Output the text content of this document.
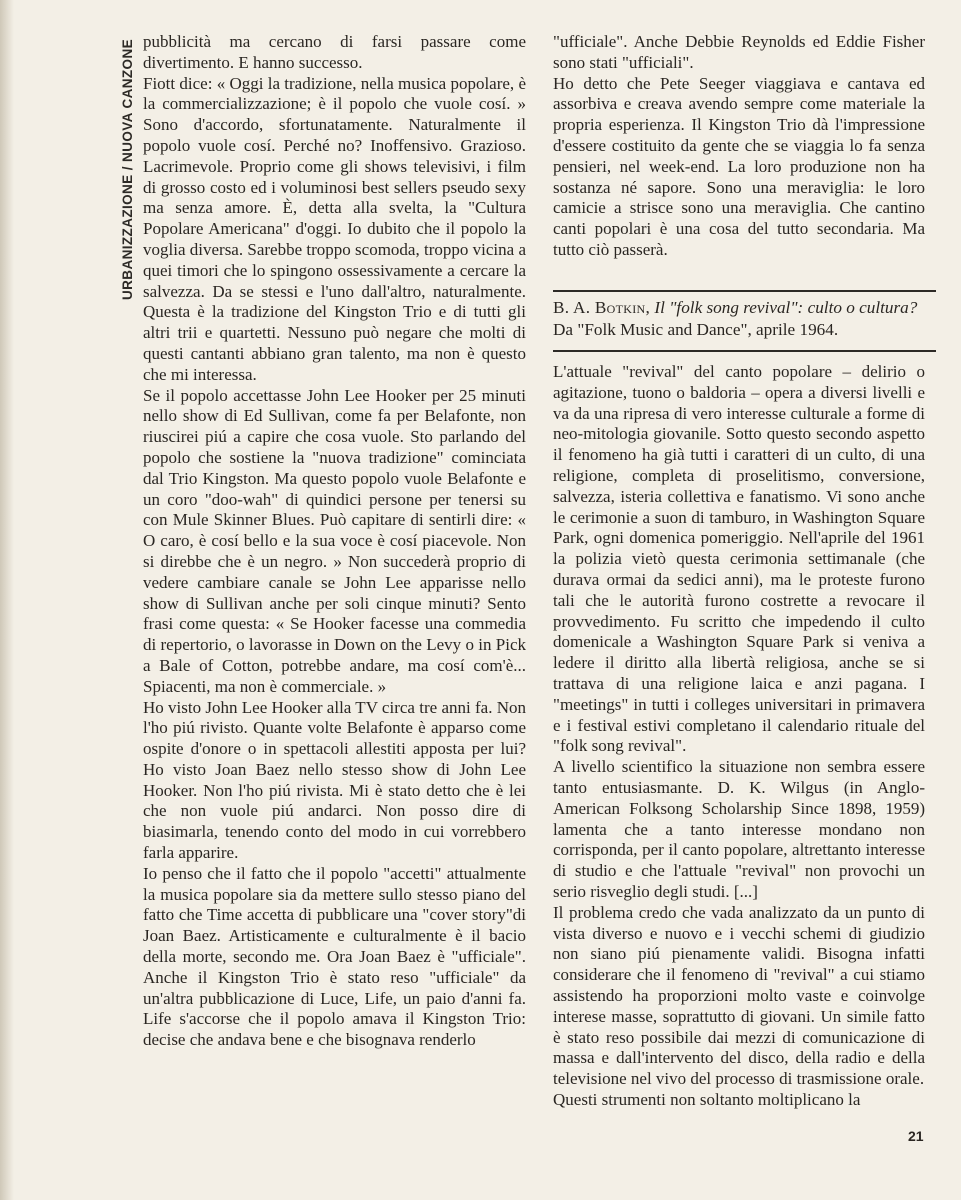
URBANIZZAZIONE / NUOVA CANZONE pubblicità ma cercano di farsi passare come divertimento. E hanno successo.

Fiott dice: « Oggi la tradizione, nella musica popolare, è la commercializzazione; è il popolo che vuole cosí. » Sono d'accordo, sfortunatamente. Naturalmente il popolo vuole cosí. Perché no? Inoffensivo. Grazioso. Lacrimevole. Proprio come gli shows televisivi, i film di grosso costo ed i voluminosi best sellers pseudo sexy ma senza amore. È, detta alla svelta, la "Cultura Popolare Americana" d'oggi. Io dubito che il popolo la voglia diversa. Sarebbe troppo scomoda, troppo vicina a quei timori che lo spingono ossessivamente a cercare la salvezza. Da se stessi e l'uno dall'altro, naturalmente. Questa è la tradizione del Kingston Trio e di tutti gli altri trii e quartetti. Nessuno può negare che molti di questi cantanti abbiano gran talento, ma non è questo che mi interessa.

Se il popolo accettasse John Lee Hooker per 25 minuti nello show di Ed Sullivan, come fa per Belafonte, non riuscirei piú a capire che cosa vuole. Sto parlando del popolo che sostiene la "nuova tradizione" cominciata dal Trio Kingston. Ma questo popolo vuole Belafonte e un coro "doo-wah" di quindici persone per tenersi su con Mule Skinner Blues. Può capitare di sentirli dire: « O caro, è cosí bello e la sua voce è cosí piacevole. Non si direbbe che è un negro. » Non succederà proprio di vedere cambiare canale se John Lee apparisse nello show di Sullivan anche per soli cinque minuti? Sento frasi come questa: « Se Hooker facesse una commedia di repertorio, o lavorasse in Down on the Levy o in Pick a Bale of Cotton, potrebbe andare, ma cosí com'è... Spiacenti, ma non è commerciale. »

Ho visto John Lee Hooker alla TV circa tre anni fa. Non l'ho piú rivisto. Quante volte Belafonte è apparso come ospite d'onore o in spettacoli allestiti apposta per lui? Ho visto Joan Baez nello stesso show di John Lee Hooker. Non l'ho piú rivista. Mi è stato detto che è lei che non vuole piú andarci. Non posso dire di biasimarla, tenendo conto del modo in cui vorrebbero farla apparire.

Io penso che il fatto che il popolo "accetti" attualmente la musica popolare sia da mettere sullo stesso piano del fatto che Time accetta di pubblicare una "cover story"di Joan Baez. Artisticamente e culturalmente è il bacio della morte, secondo me. Ora Joan Baez è "ufficiale". Anche il Kingston Trio è stato reso "ufficiale" da un'altra pubblicazione di Luce, Life, un paio d'anni fa. Life s'accorse che il popolo amava il Kingston Trio: decise che andava bene e che bisognava renderlo

"ufficiale". Anche Debbie Reynolds ed Eddie Fisher sono stati "ufficiali".

Ho detto che Pete Seeger viaggiava e cantava ed assorbiva e creava avendo sempre come materiale la propria esperienza. Il Kingston Trio dà l'impressione d'essere costituito da gente che se viaggia lo fa senza pensieri, nel week-end. La loro produzione non ha sostanza né sapore. Sono una meraviglia: le loro camicie a strisce sono una meraviglia. Che cantino canti popolari è una cosa del tutto secondaria. Ma tutto ciò passerà.

B. A. Botkin, Il "folk song revival": culto o cultura? Da "Folk Music and Dance", aprile 1964.

L'attuale "revival" del canto popolare – delirio o agitazione, tuono o baldoria – opera a diversi livelli e va da una ripresa di vero interesse culturale a forme di neo-mitologia giovanile. Sotto questo secondo aspetto il fenomeno ha già tutti i caratteri di un culto, di una religione, completa di proselitismo, conversione, salvezza, isteria collettiva e fanatismo. Vi sono anche le cerimonie a suon di tamburo, in Washington Square Park, ogni domenica pomeriggio. Nell'aprile del 1961 la polizia vietò questa cerimonia settimanale (che durava ormai da sedici anni), ma le proteste furono tali che le autorità furono costrette a revocare il provvedimento. Fu scritto che impedendo il culto domenicale a Washington Square Park si veniva a ledere il diritto alla libertà religiosa, anche se si trattava di una religione laica e anzi pagana. I "meetings" in tutti i colleges universitari in primavera e i festival estivi completano il calendario rituale del "folk song revival".

A livello scientifico la situazione non sembra essere tanto entusiasmante. D. K. Wilgus (in Anglo-American Folksong Scholarship Since 1898, 1959) lamenta che a tanto interesse mondano non corrisponda, per il canto popolare, altrettanto interesse di studio e che l'attuale "revival" non provochi un serio risveglio degli studi. [...]

Il problema credo che vada analizzato da un punto di vista diverso e nuovo e i vecchi schemi di giudizio non siano piú pienamente validi. Bisogna infatti considerare che il fenomeno di "revival" a cui stiamo assistendo ha proporzioni molto vaste e coinvolge interese masse, soprattutto di giovani. Un simile fatto è stato reso possibile dai mezzi di comunicazione di massa e dall'intervento del disco, della radio e della televisione nel vivo del processo di trasmissione orale.

Questi strumenti non soltanto moltiplicano la

21
